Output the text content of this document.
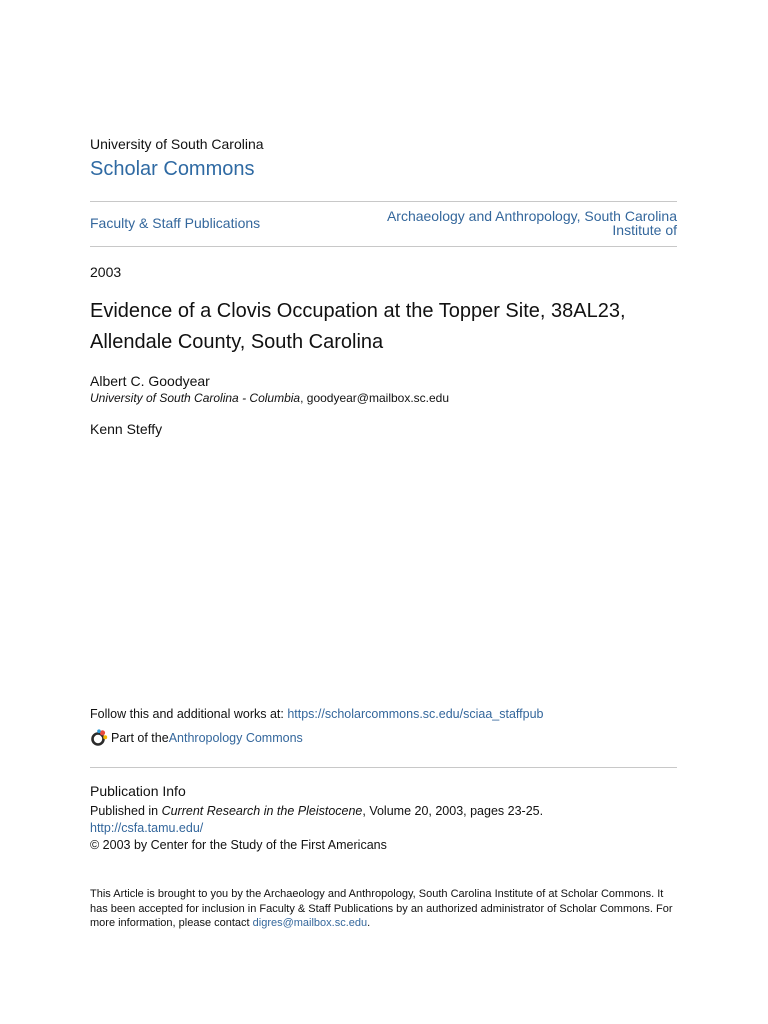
University of South Carolina
Scholar Commons
Faculty & Staff Publications	Archaeology and Anthropology, South Carolina Institute of
2003
Evidence of a Clovis Occupation at the Topper Site, 38AL23, Allendale County, South Carolina
Albert C. Goodyear
University of South Carolina - Columbia, goodyear@mailbox.sc.edu
Kenn Steffy
Follow this and additional works at: https://scholarcommons.sc.edu/sciaa_staffpub
Part of the Anthropology Commons
Publication Info
Published in Current Research in the Pleistocene, Volume 20, 2003, pages 23-25.
http://csfa.tamu.edu/
© 2003 by Center for the Study of the First Americans
This Article is brought to you by the Archaeology and Anthropology, South Carolina Institute of at Scholar Commons. It has been accepted for inclusion in Faculty & Staff Publications by an authorized administrator of Scholar Commons. For more information, please contact digres@mailbox.sc.edu.
